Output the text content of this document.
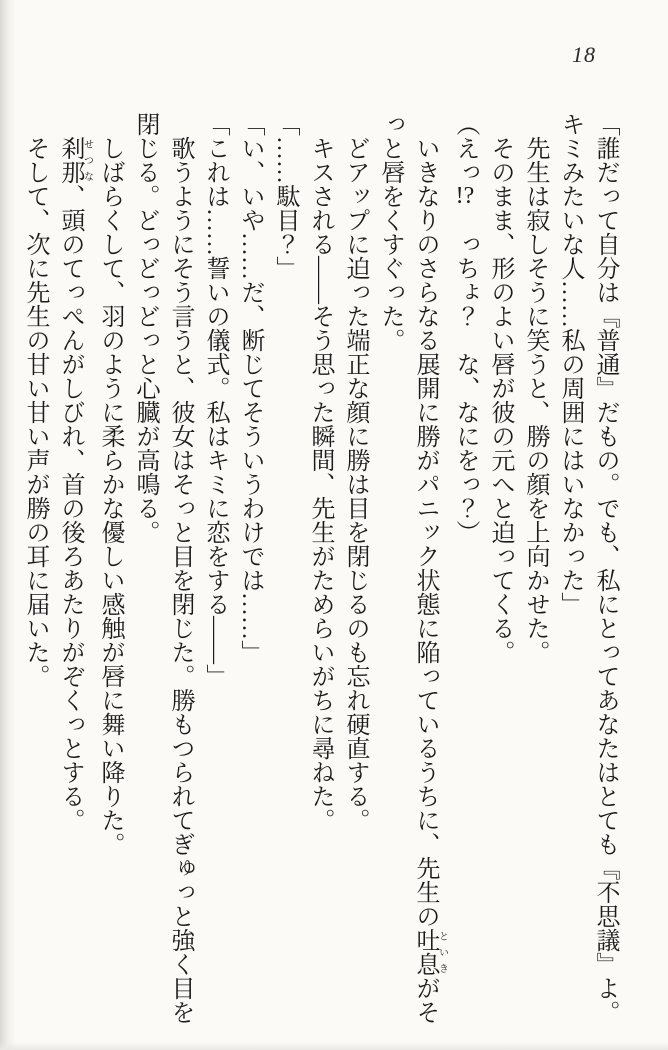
18

「誰だって自分は『普通』だもの。でも、私にとってあなたはとても『不思議』よ。

キミみたいな人……私の周囲にはいなかった」

先生は寂しそうに笑うと、勝の顔を上向かせた。

そのまま、形のよい唇が彼の元へと迫ってくる。

（えっ!?　っちょ？　な、なにをっ？）

いきなりのさらなる展開に勝がパニック状態に陥っているうちに、先生の吐息といきがそ

っと唇をくすぐった。

どアップに迫った端正な顔に勝は目を閉じるのも忘れ硬直する。

キスされる——そう思った瞬間、先生がためらいがちに尋ねた。

「……駄目？」

「い、いや……だ、断じてそういうわけでは……」

「これは……誓いの儀式。私はキミに恋をする——」

歌うようにそう言うと、彼女はそっと目を閉じた。勝もつられてぎゅっと強く目を

閉じる。どっどっどっと心臓が高鳴る。

しばらくして、羽のように柔らかな優しい感触が唇に舞い降りた。

刹那せつな、頭のてっぺんがしびれ、首の後ろあたりがぞくっとする。

そして、次に先生の甘い甘い声が勝の耳に届いた。
